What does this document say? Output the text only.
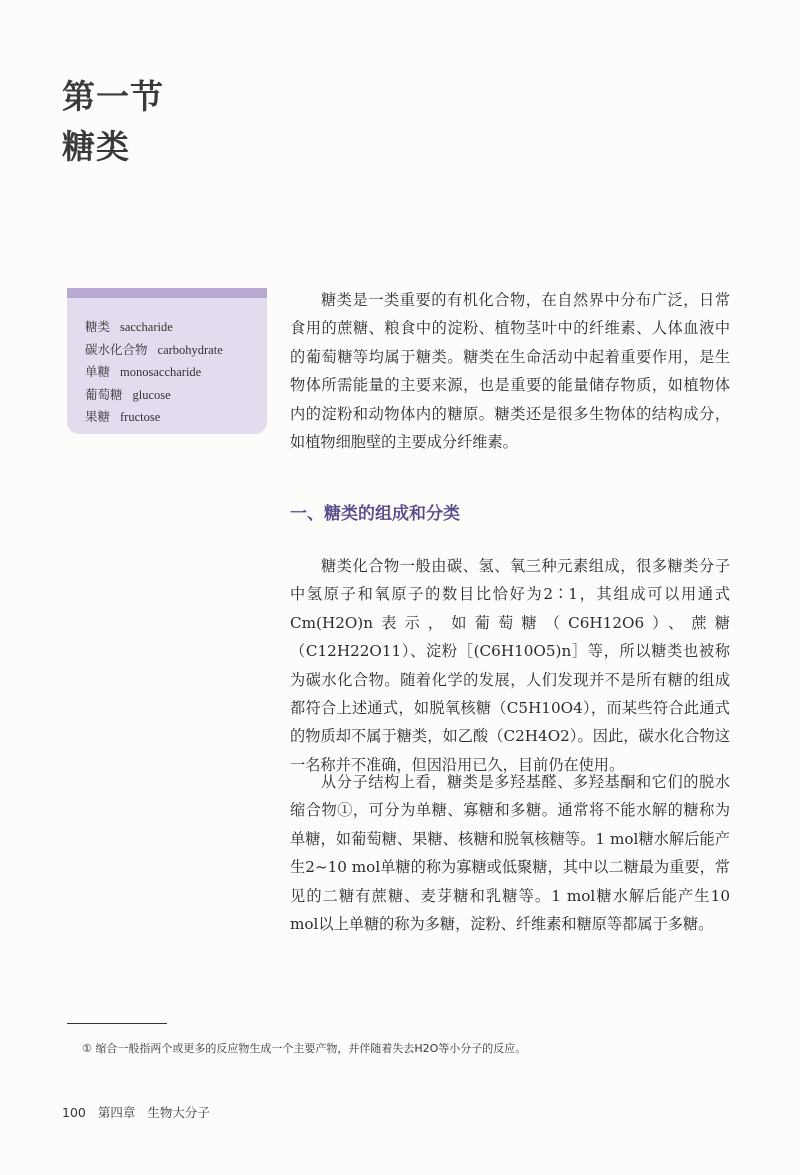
第一节
糖类
糖类 saccharide
碳水化合物 carbohydrate
单糖 monosaccharide
葡萄糖 glucose
果糖 fructose

糖类是一类重要的有机化合物，在自然界中分布广泛，日常食用的蔗糖、粮食中的淀粉、植物茎叶中的纤维素、人体血液中的葡萄糖等均属于糖类。糖类在生命活动中起着重要作用，是生物体所需能量的主要来源，也是重要的能量储存物质，如植物体内的淀粉和动物体内的糖原。糖类还是很多生物体的结构成分，如植物细胞壁的主要成分纤维素。

一、糖类的组成和分类

糖类化合物一般由碳、氢、氧三种元素组成，很多糖类分子中氢原子和氧原子的数目比恰好为2∶1，其组成可以用通式Cm(H2O)n表示，如葡萄糖（C6H12O6）、蔗糖（C12H22O11）、淀粉［(C6H10O5)n］等，所以糖类也被称为碳水化合物。随着化学的发展，人们发现并不是所有糖的组成都符合上述通式，如脱氧核糖（C5H10O4），而某些符合此通式的物质却不属于糖类，如乙酸（C2H4O2）。因此，碳水化合物这一名称并不准确，但因沿用已久，目前仍在使用。

从分子结构上看，糖类是多羟基醛、多羟基酮和它们的脱水缩合物①，可分为单糖、寡糖和多糖。通常将不能水解的糖称为单糖，如葡萄糖、果糖、核糖和脱氧核糖等。1 mol糖水解后能产生2~10 mol单糖的称为寡糖或低聚糖，其中以二糖最为重要，常见的二糖有蔗糖、麦芽糖和乳糖等。1 mol糖水解后能产生10 mol以上单糖的称为多糖，淀粉、纤维素和糖原等都属于多糖。

① 缩合一般指两个或更多的反应物生成一个主要产物，并伴随着失去H2O等小分子的反应。
100 第四章 生物大分子
